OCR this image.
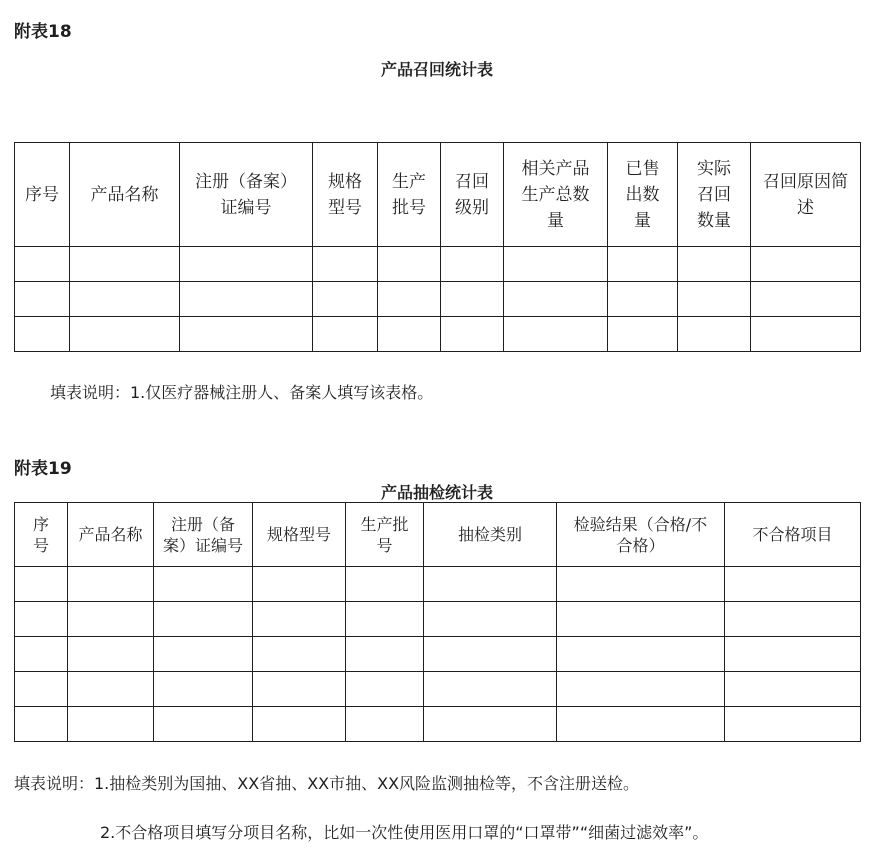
附表18
产品召回统计表
序号	产品名称	注册（备案）证编号	规格型号	生产批号	召回级别	相关产品生产总数量	已售出数量	实际召回数量	召回原因简述

填表说明：1.仅医疗器械注册人、备案人填写该表格。
附表19
产品抽检统计表
序号	产品名称	注册（备案）证编号	规格型号	生产批号	抽检类别	检验结果（合格/不合格）	不合格项目

填表说明：1.抽检类别为国抽、XX省抽、XX市抽、XX风险监测抽检等，不含注册送检。
2.不合格项目填写分项目名称，比如一次性使用医用口罩的“口罩带”“细菌过滤效率”。
